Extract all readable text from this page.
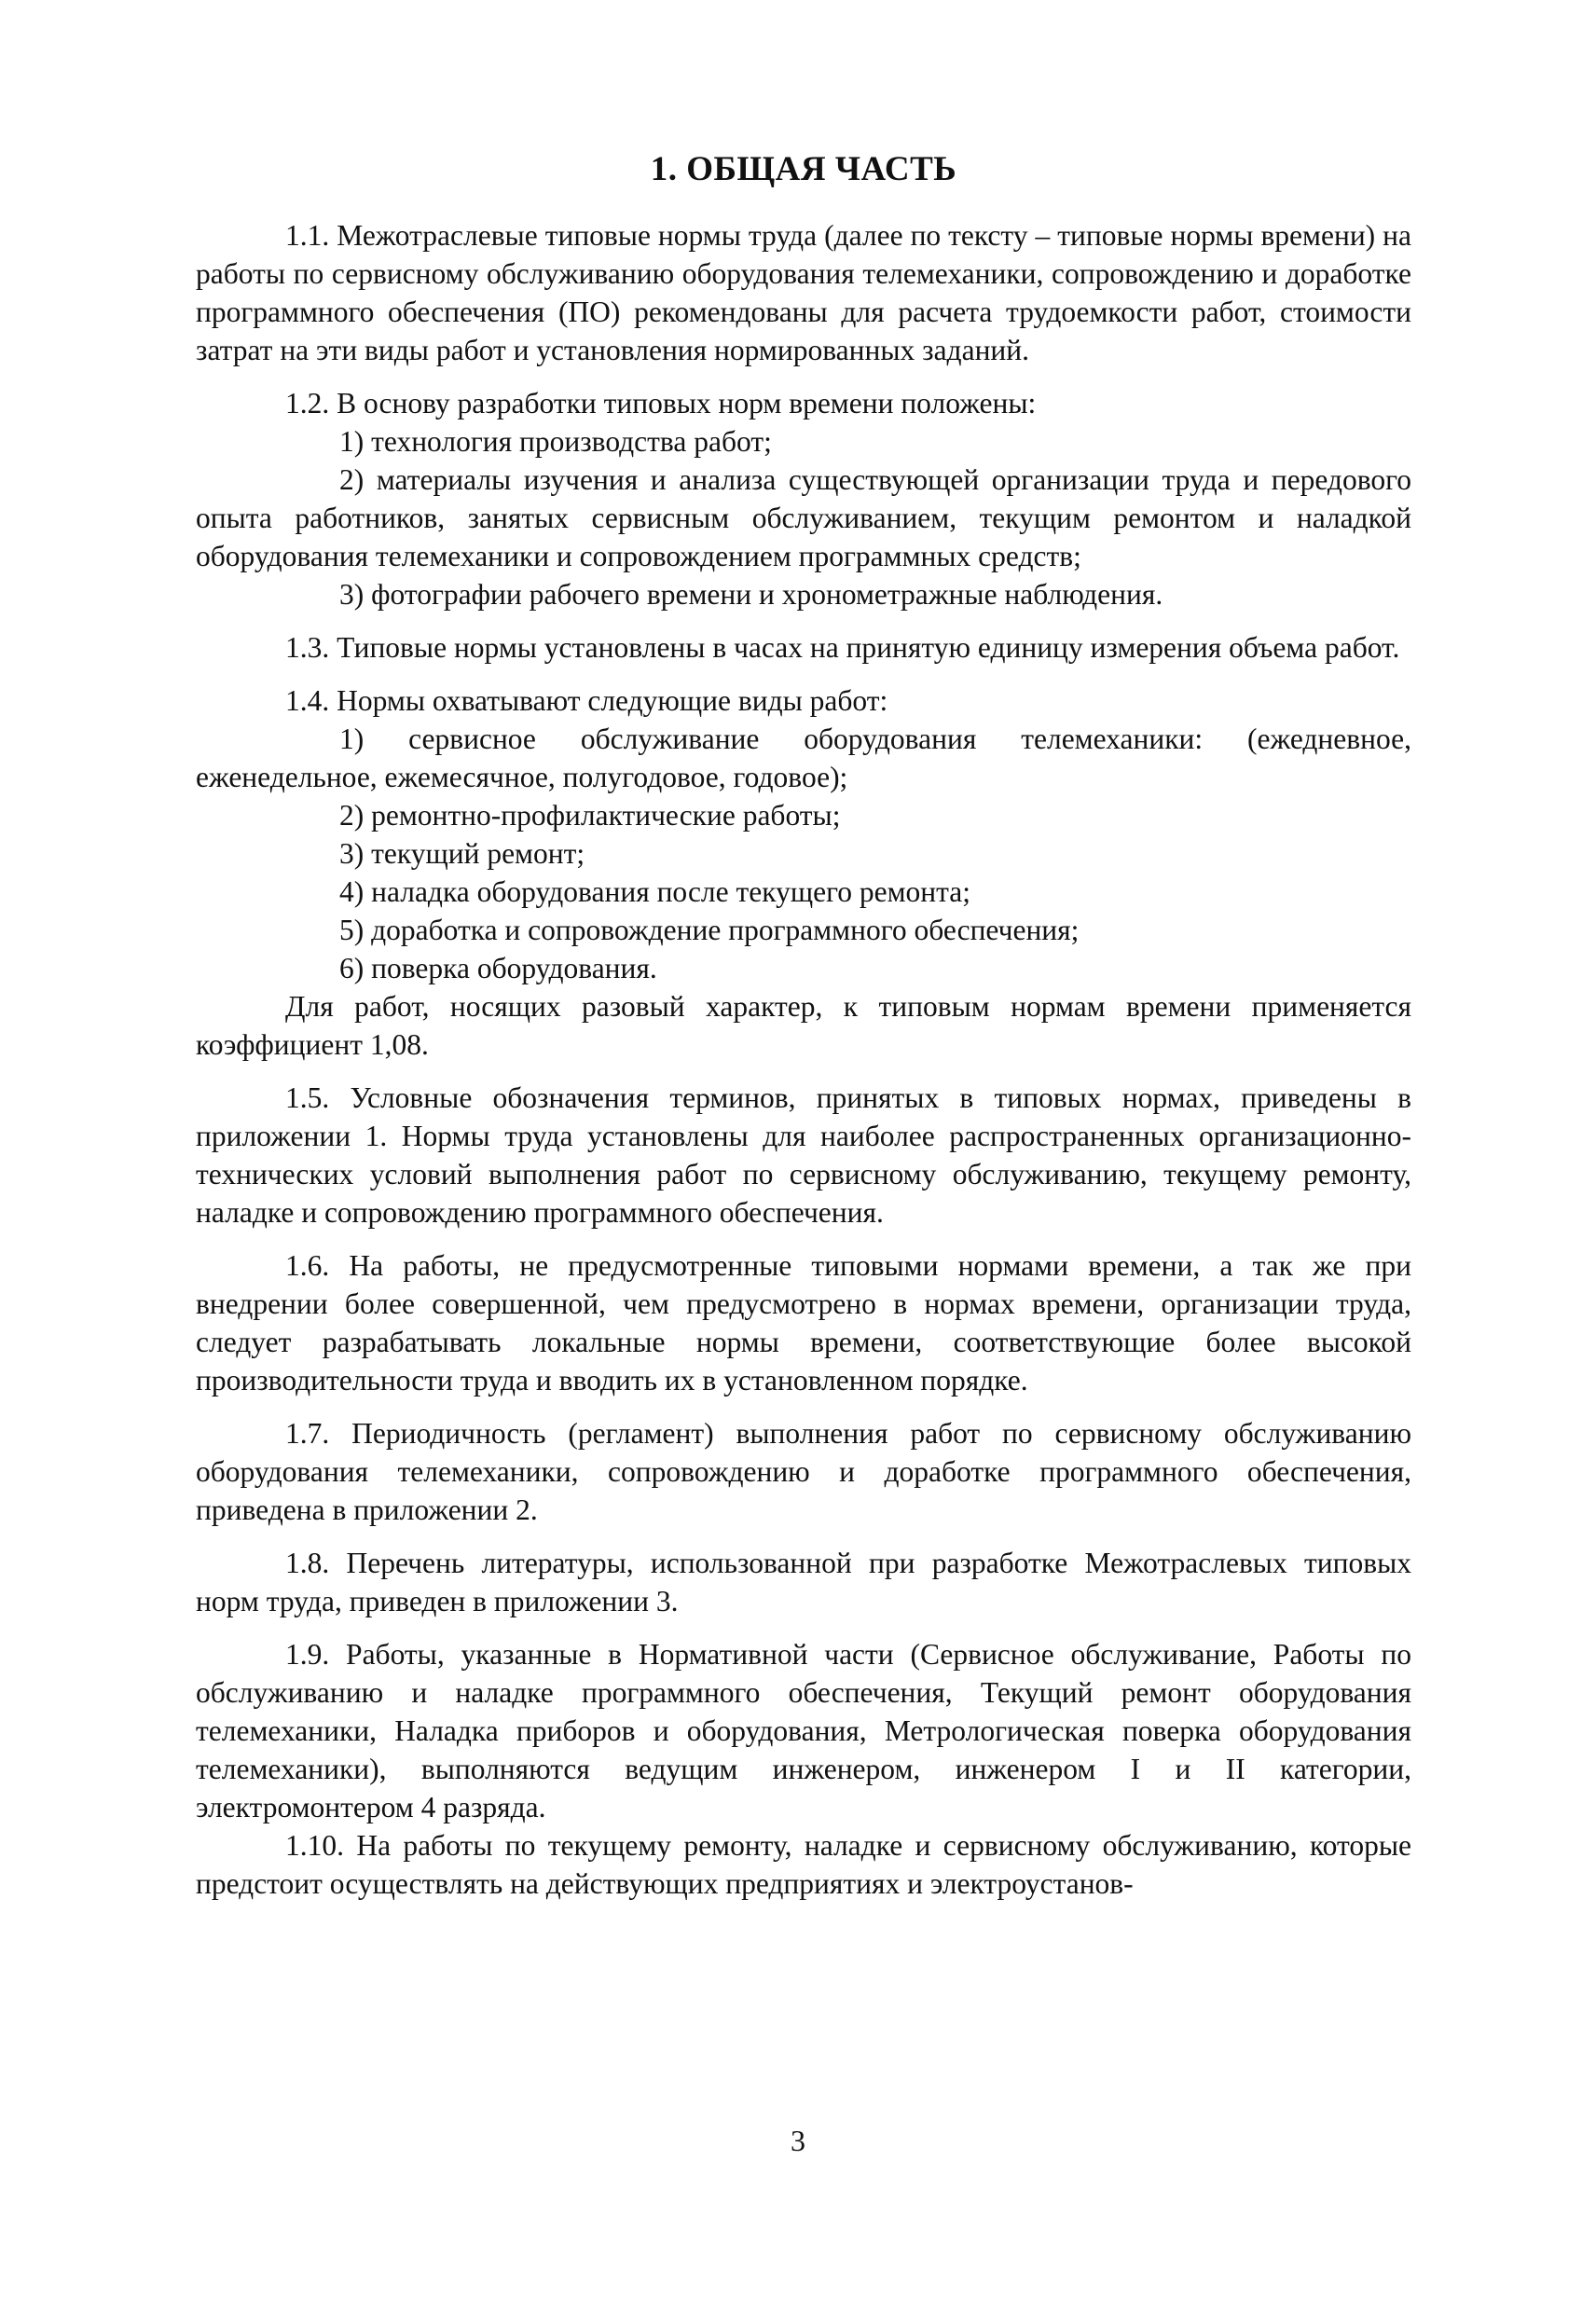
1. ОБЩАЯ ЧАСТЬ

1.1. Межотраслевые типовые нормы труда (далее по тексту – типовые нормы времени) на работы по сервисному обслуживанию оборудования телемеханики, сопровождению и доработке программного обеспечения (ПО) рекомендованы для расчета трудоемкости работ, стоимости затрат на эти виды работ и установления нормированных заданий.

1.2. В основу разработки типовых норм времени положены:

1) технология производства работ;

2) материалы изучения и анализа существующей организации труда и передового опыта работников, занятых сервисным обслуживанием, текущим ремонтом и наладкой оборудования телемеханики и сопровождением программных средств;

3) фотографии рабочего времени и хронометражные наблюдения.

1.3. Типовые нормы установлены в часах на принятую единицу измерения объема работ.

1.4. Нормы охватывают следующие виды работ:

1) сервисное обслуживание оборудования телемеханики: (ежедневное, еженедельное, ежемесячное, полугодовое, годовое);

2) ремонтно-профилактические работы;

3) текущий ремонт;

4) наладка оборудования после текущего ремонта;

5) доработка и сопровождение программного обеспечения;

6) поверка оборудования.

Для работ, носящих разовый характер, к типовым нормам времени применяется коэффициент 1,08.

1.5. Условные обозначения терминов, принятых в типовых нормах, приведены в приложении 1. Нормы труда установлены для наиболее распространенных организационно-технических условий выполнения работ по сервисному обслуживанию, текущему ремонту, наладке и сопровождению программного обеспечения.

1.6. На работы, не предусмотренные типовыми нормами времени, а так же при внедрении более совершенной, чем предусмотрено в нормах времени, организации труда, следует разрабатывать локальные нормы времени, соответствующие более высокой производительности труда и вводить их в установленном порядке.

1.7. Периодичность (регламент) выполнения работ по сервисному обслуживанию оборудования телемеханики, сопровождению и доработке программного обеспечения, приведена в приложении 2.

1.8. Перечень литературы, использованной при разработке Межотраслевых типовых норм труда, приведен в приложении 3.

1.9. Работы, указанные в Нормативной части (Сервисное обслуживание, Работы по обслуживанию и наладке программного обеспечения, Текущий ремонт оборудования телемеханики, Наладка приборов и оборудования, Метрологическая поверка оборудования телемеханики), выполняются ведущим инженером, инженером I и II категории, электромонтером 4 разряда.

1.10. На работы по текущему ремонту, наладке и сервисному обслуживанию, которые предстоит осуществлять на действующих предприятиях и электроустанов-

3
